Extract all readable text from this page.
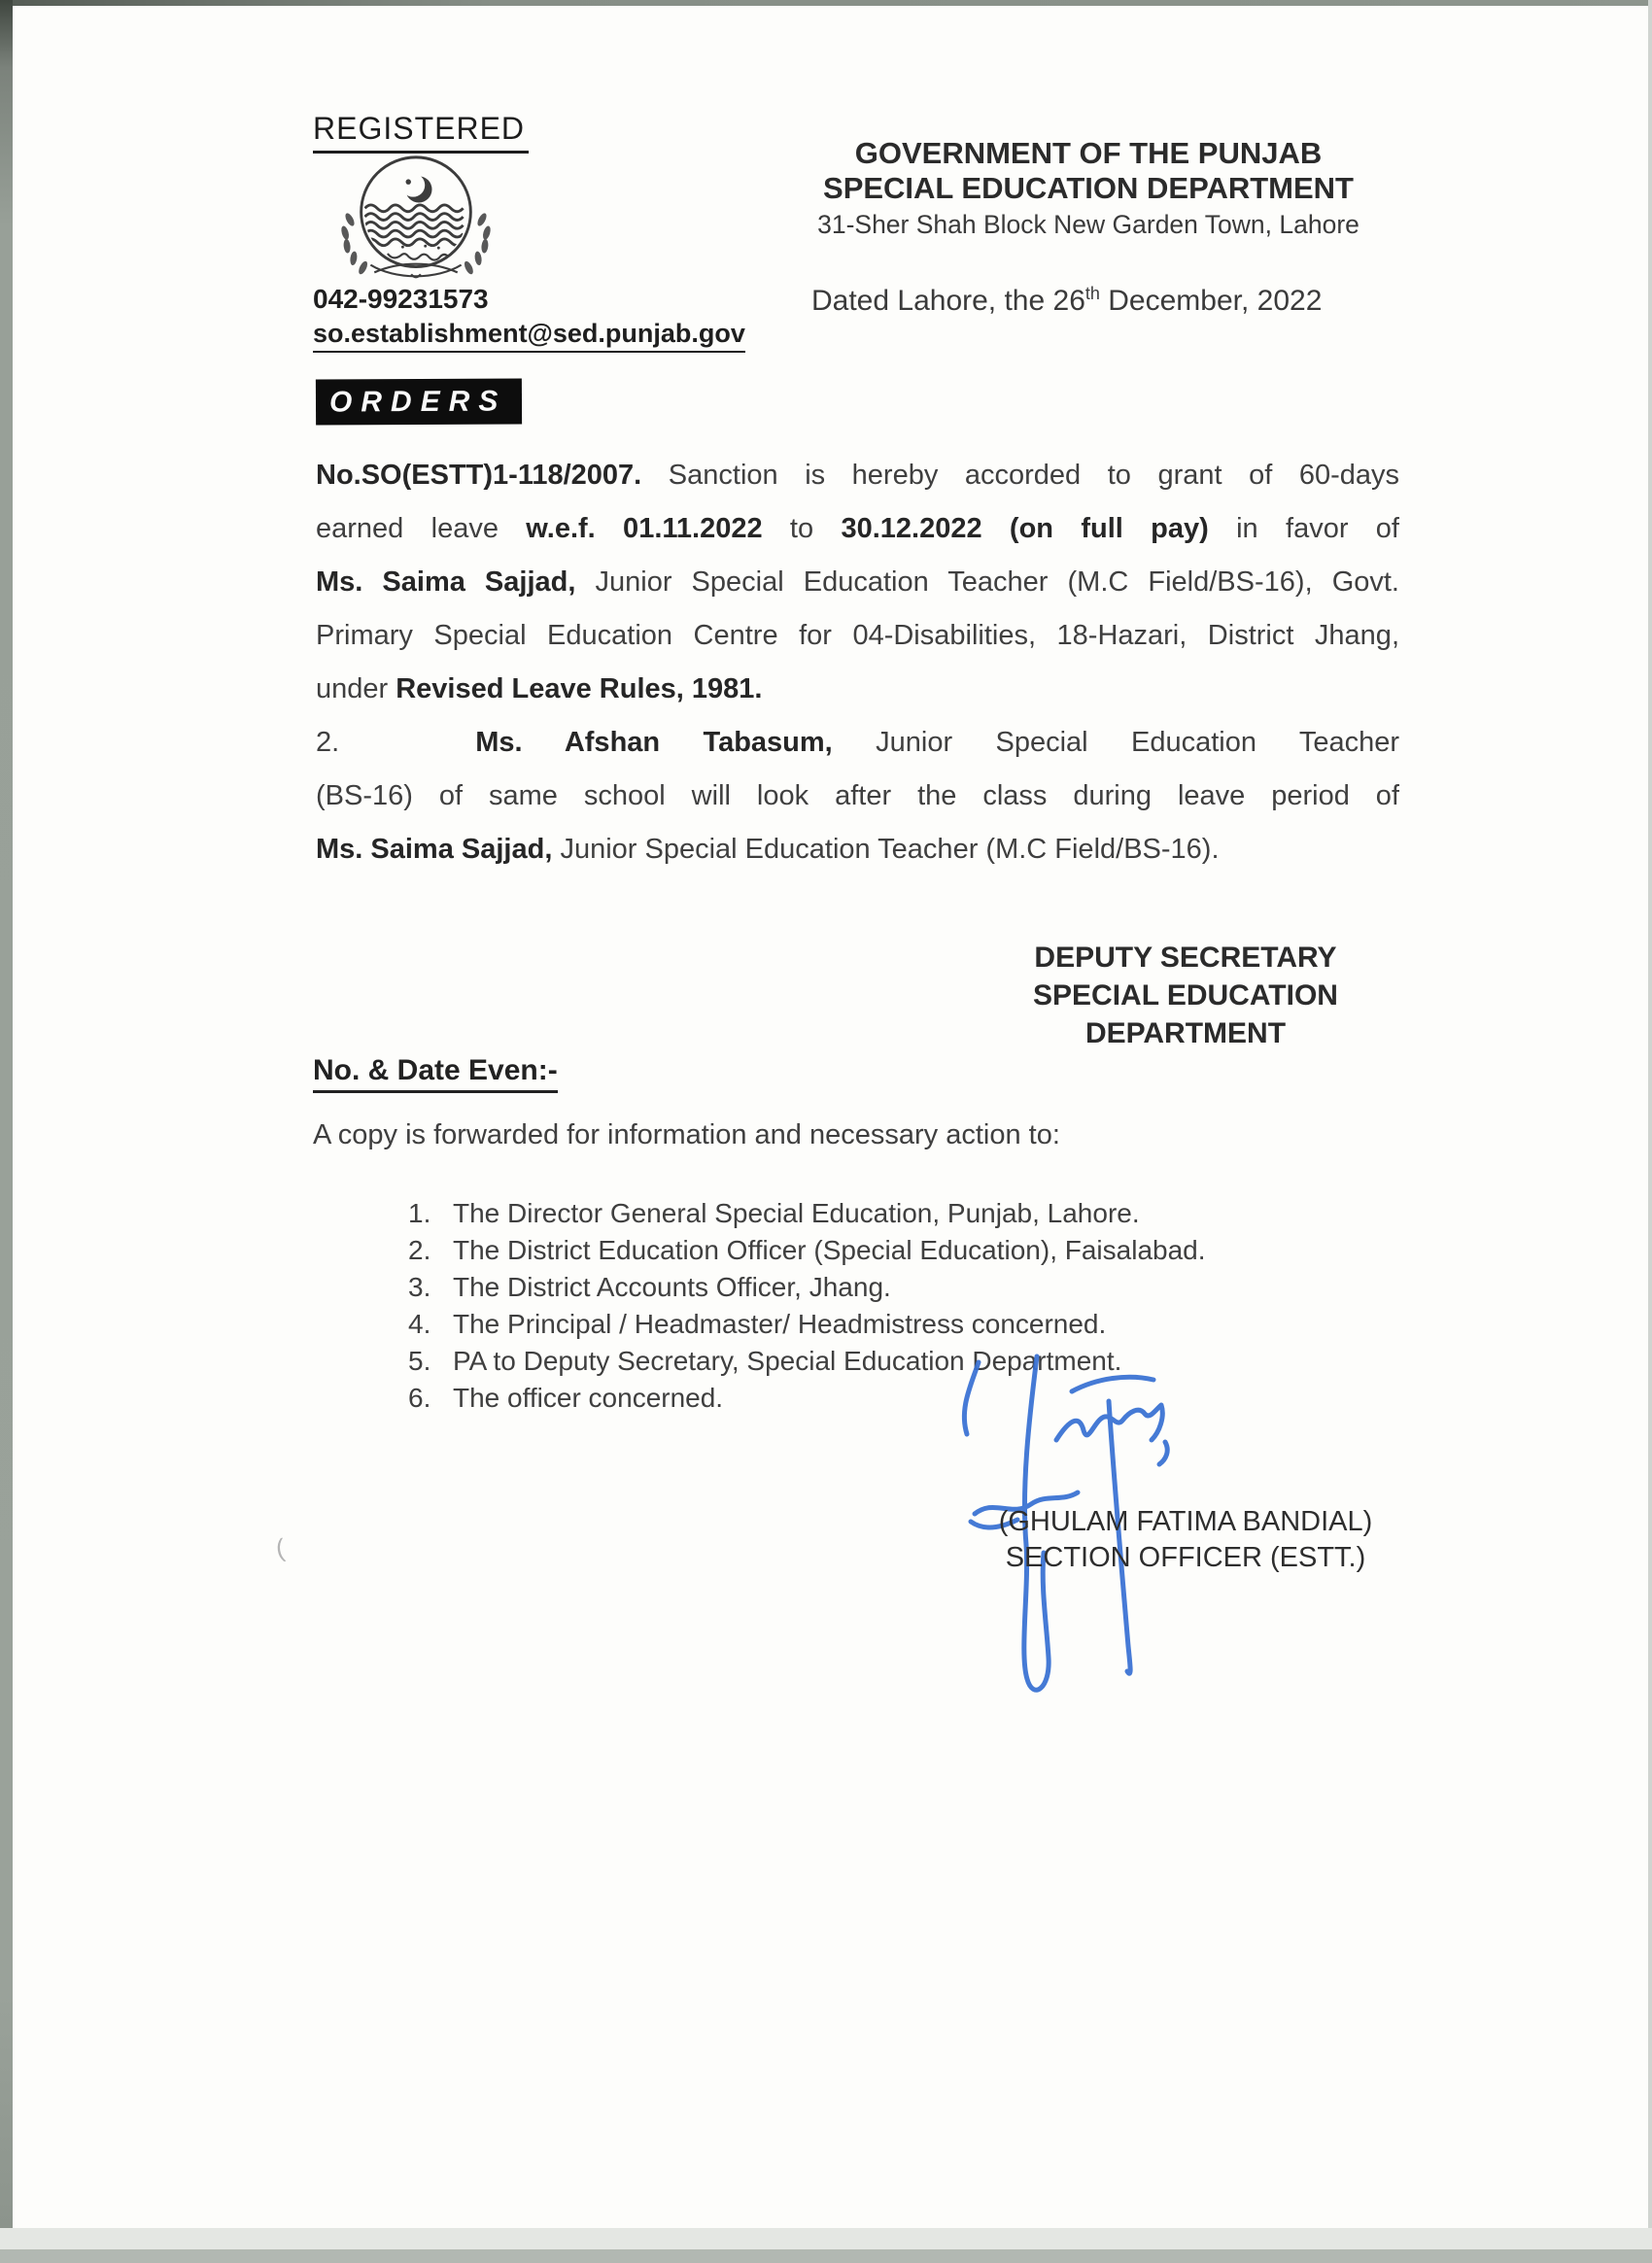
REGISTERED
042-99231573
so.establishment@sed.punjab.gov
GOVERNMENT OF THE PUNJAB
SPECIAL EDUCATION DEPARTMENT
31-Sher Shah Block New Garden Town, Lahore
Dated Lahore, the 26th December, 2022
ORDERS
No.SO(ESTT)1-118/2007. Sanction is hereby accorded to grant of 60-days
earned leave w.e.f. 01.11.2022 to 30.12.2022 (on full pay) in favor of
Ms. Saima Sajjad, Junior Special Education Teacher (M.C Field/BS-16), Govt.
Primary Special Education Centre for 04-Disabilities, 18-Hazari, District Jhang,
under Revised Leave Rules, 1981.
2.	Ms. Afshan Tabasum, Junior Special Education Teacher
(BS-16) of same school will look after the class during leave period of
Ms. Saima Sajjad, Junior Special Education Teacher (M.C Field/BS-16).
DEPUTY SECRETARY
SPECIAL EDUCATION
DEPARTMENT
No. & Date Even:-
A copy is forwarded for information and necessary action to:
1. The Director General Special Education, Punjab, Lahore.
2. The District Education Officer (Special Education), Faisalabad.
3. The District Accounts Officer, Jhang.
4. The Principal / Headmaster/ Headmistress concerned.
5. PA to Deputy Secretary, Special Education Department.
6. The officer concerned.
(GHULAM FATIMA BANDIAL)
SECTION OFFICER (ESTT.)
(
